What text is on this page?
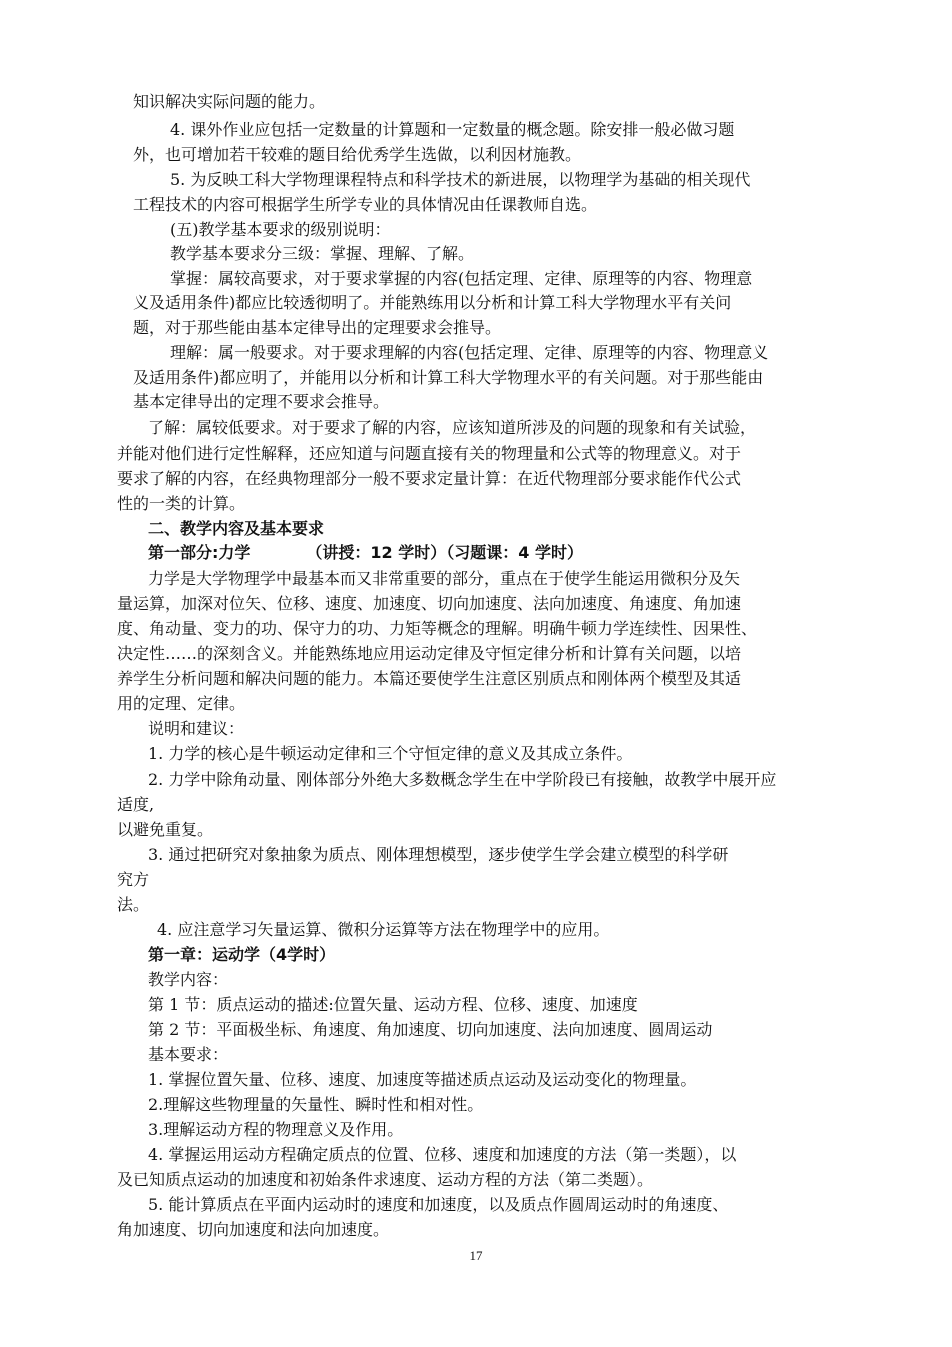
知识解决实际问题的能力。
4. 课外作业应包括一定数量的计算题和一定数量的概念题。除安排一般必做习题
外，也可增加若干较难的题目给优秀学生选做，以利因材施教。
5. 为反映工科大学物理课程特点和科学技术的新进展，以物理学为基础的相关现代
工程技术的内容可根据学生所学专业的具体情况由任课教师自选。
(五)教学基本要求的级别说明：
教学基本要求分三级：掌握、理解、了解。
掌握：属较高要求，对于要求掌握的内容(包括定理、定律、原理等的内容、物理意
义及适用条件)都应比较透彻明了。并能熟练用以分析和计算工科大学物理水平有关问
题，对于那些能由基本定律导出的定理要求会推导。
理解：属一般要求。对于要求理解的内容(包括定理、定律、原理等的内容、物理意义
及适用条件)都应明了，并能用以分析和计算工科大学物理水平的有关问题。对于那些能由
基本定律导出的定理不要求会推导。
了解：属较低要求。对于要求了解的内容，应该知道所涉及的问题的现象和有关试验，
并能对他们进行定性解释，还应知道与问题直接有关的物理量和公式等的物理意义。对于
要求了解的内容，在经典物理部分一般不要求定量计算：在近代物理部分要求能作代公式
性的一类的计算。
二、教学内容及基本要求
第一部分:力学　　　　（讲授：12 学时）（习题课：4 学时）
力学是大学物理学中最基本而又非常重要的部分，重点在于使学生能运用微积分及矢
量运算，加深对位矢、位移、速度、加速度、切向加速度、法向加速度、角速度、角加速
度、角动量、变力的功、保守力的功、力矩等概念的理解。明确牛顿力学连续性、因果性、
决定性……的深刻含义。并能熟练地应用运动定律及守恒定律分析和计算有关问题，以培
养学生分析问题和解决问题的能力。本篇还要使学生注意区别质点和刚体两个模型及其适
用的定理、定律。
说明和建议：
1. 力学的核心是牛顿运动定律和三个守恒定律的意义及其成立条件。
2. 力学中除角动量、刚体部分外绝大多数概念学生在中学阶段已有接触，故教学中展开应
适度,
以避免重复。
3. 通过把研究对象抽象为质点、刚体理想模型，逐步使学生学会建立模型的科学研
究方
法。
4. 应注意学习矢量运算、微积分运算等方法在物理学中的应用。
第一章：运动学（4学时）
教学内容：
第 1 节：质点运动的描述:位置矢量、运动方程、位移、速度、加速度
第 2 节：平面极坐标、角速度、角加速度、切向加速度、法向加速度、圆周运动
基本要求：
1. 掌握位置矢量、位移、速度、加速度等描述质点运动及运动变化的物理量。
2.理解这些物理量的矢量性、瞬时性和相对性。
3.理解运动方程的物理意义及作用。
4. 掌握运用运动方程确定质点的位置、位移、速度和加速度的方法（第一类题），以
及已知质点运动的加速度和初始条件求速度、运动方程的方法（第二类题）。
5. 能计算质点在平面内运动时的速度和加速度，以及质点作圆周运动时的角速度、
角加速度、切向加速度和法向加速度。
17
